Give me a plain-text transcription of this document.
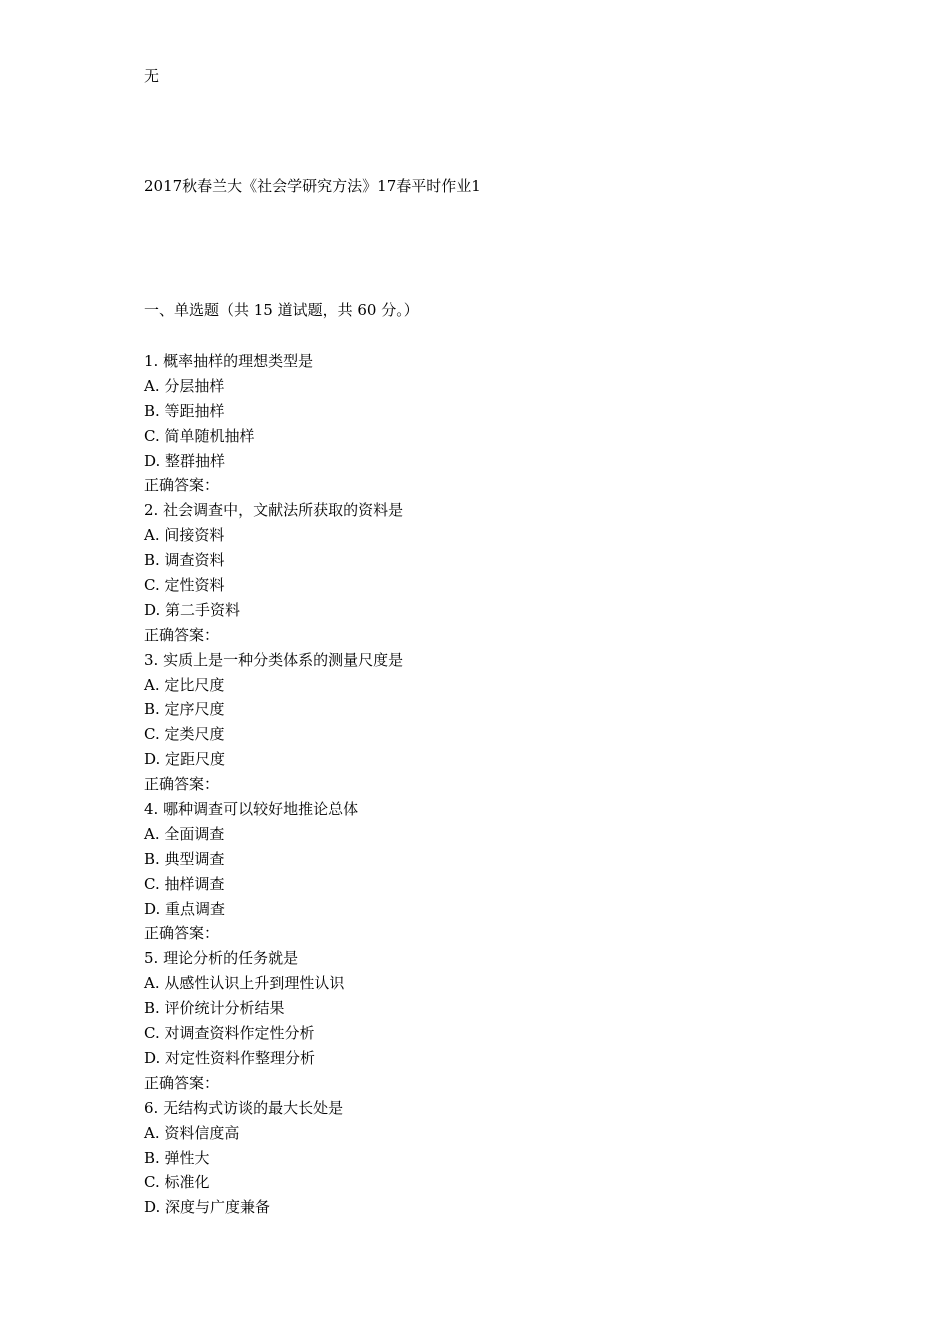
无
2017秋春兰大《社会学研究方法》17春平时作业1
一、单选题（共 15 道试题，共 60 分。）
1. 概率抽样的理想类型是
A. 分层抽样
B. 等距抽样
C. 简单随机抽样
D. 整群抽样
正确答案：
2. 社会调查中，文献法所获取的资料是
A. 间接资料
B. 调查资料
C. 定性资料
D. 第二手资料
正确答案：
3. 实质上是一种分类体系的测量尺度是
A. 定比尺度
B. 定序尺度
C. 定类尺度
D. 定距尺度
正确答案：
4. 哪种调查可以较好地推论总体
A. 全面调查
B. 典型调查
C. 抽样调查
D. 重点调查
正确答案：
5. 理论分析的任务就是
A. 从感性认识上升到理性认识
B. 评价统计分析结果
C. 对调查资料作定性分析
D. 对定性资料作整理分析
正确答案：
6. 无结构式访谈的最大长处是
A. 资料信度高
B. 弹性大
C. 标准化
D. 深度与广度兼备
